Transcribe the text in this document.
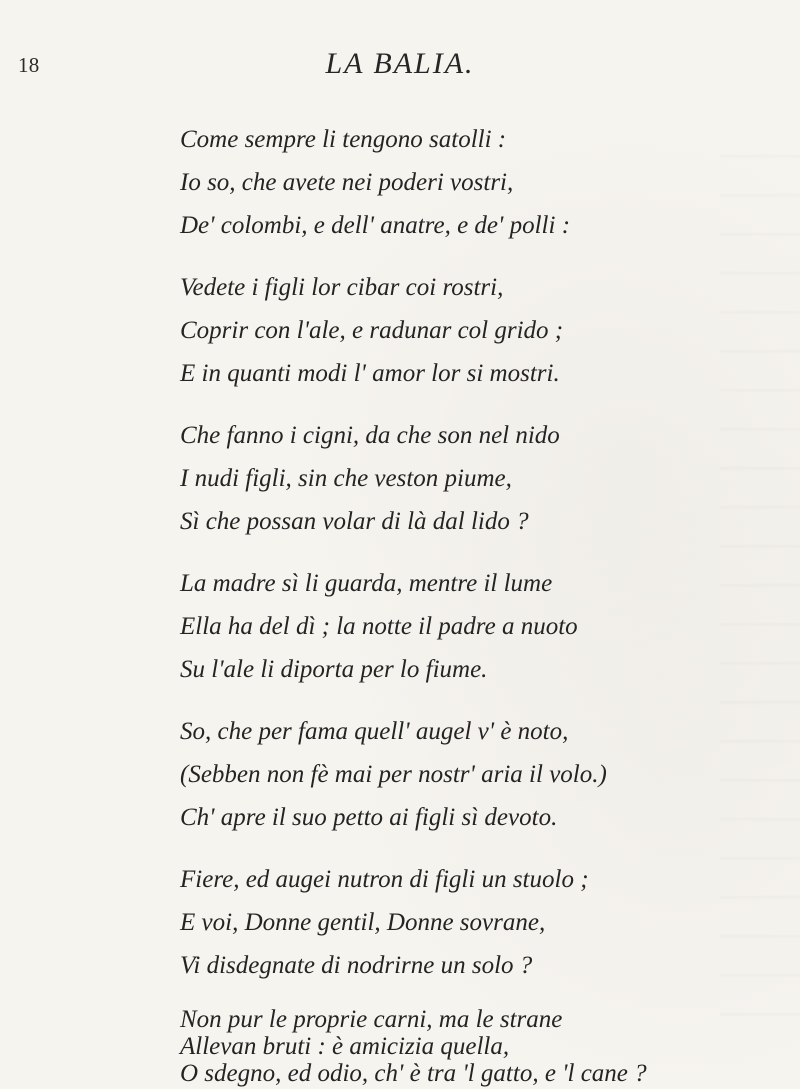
18	LA BALIA.
Come sempre li tengono satolli :
Io so, che avete nei poderi vostri,
De' colombi, e dell' anatre, e de' polli :
Vedete i figli lor cibar coi rostri,
Coprir con l'ale, e radunar col grido ;
E in quanti modi l' amor lor si mostri.
Che fanno i cigni, da che son nel nido
I nudi figli, sin che veston piume,
Sì che possan volar di là dal lido ?
La madre sì li guarda, mentre il lume
Ella ha del dì ; la notte il padre a nuoto
Su l'ale li diporta per lo fiume.
So, che per fama quell' augel v' è noto,
(Sebben non fè mai per nostr' aria il volo.)
Ch' apre il suo petto ai figli sì devoto.
Fiere, ed augei nutron di figli un stuolo ;
E voi, Donne gentil, Donne sovrane,
Vi disdegnate di nodrirne un solo ?
Non pur le proprie carni, ma le strane
Allevan bruti : è amicizia quella,
O sdegno, ed odio, ch' è tra 'l gatto, e 'l cane ?
